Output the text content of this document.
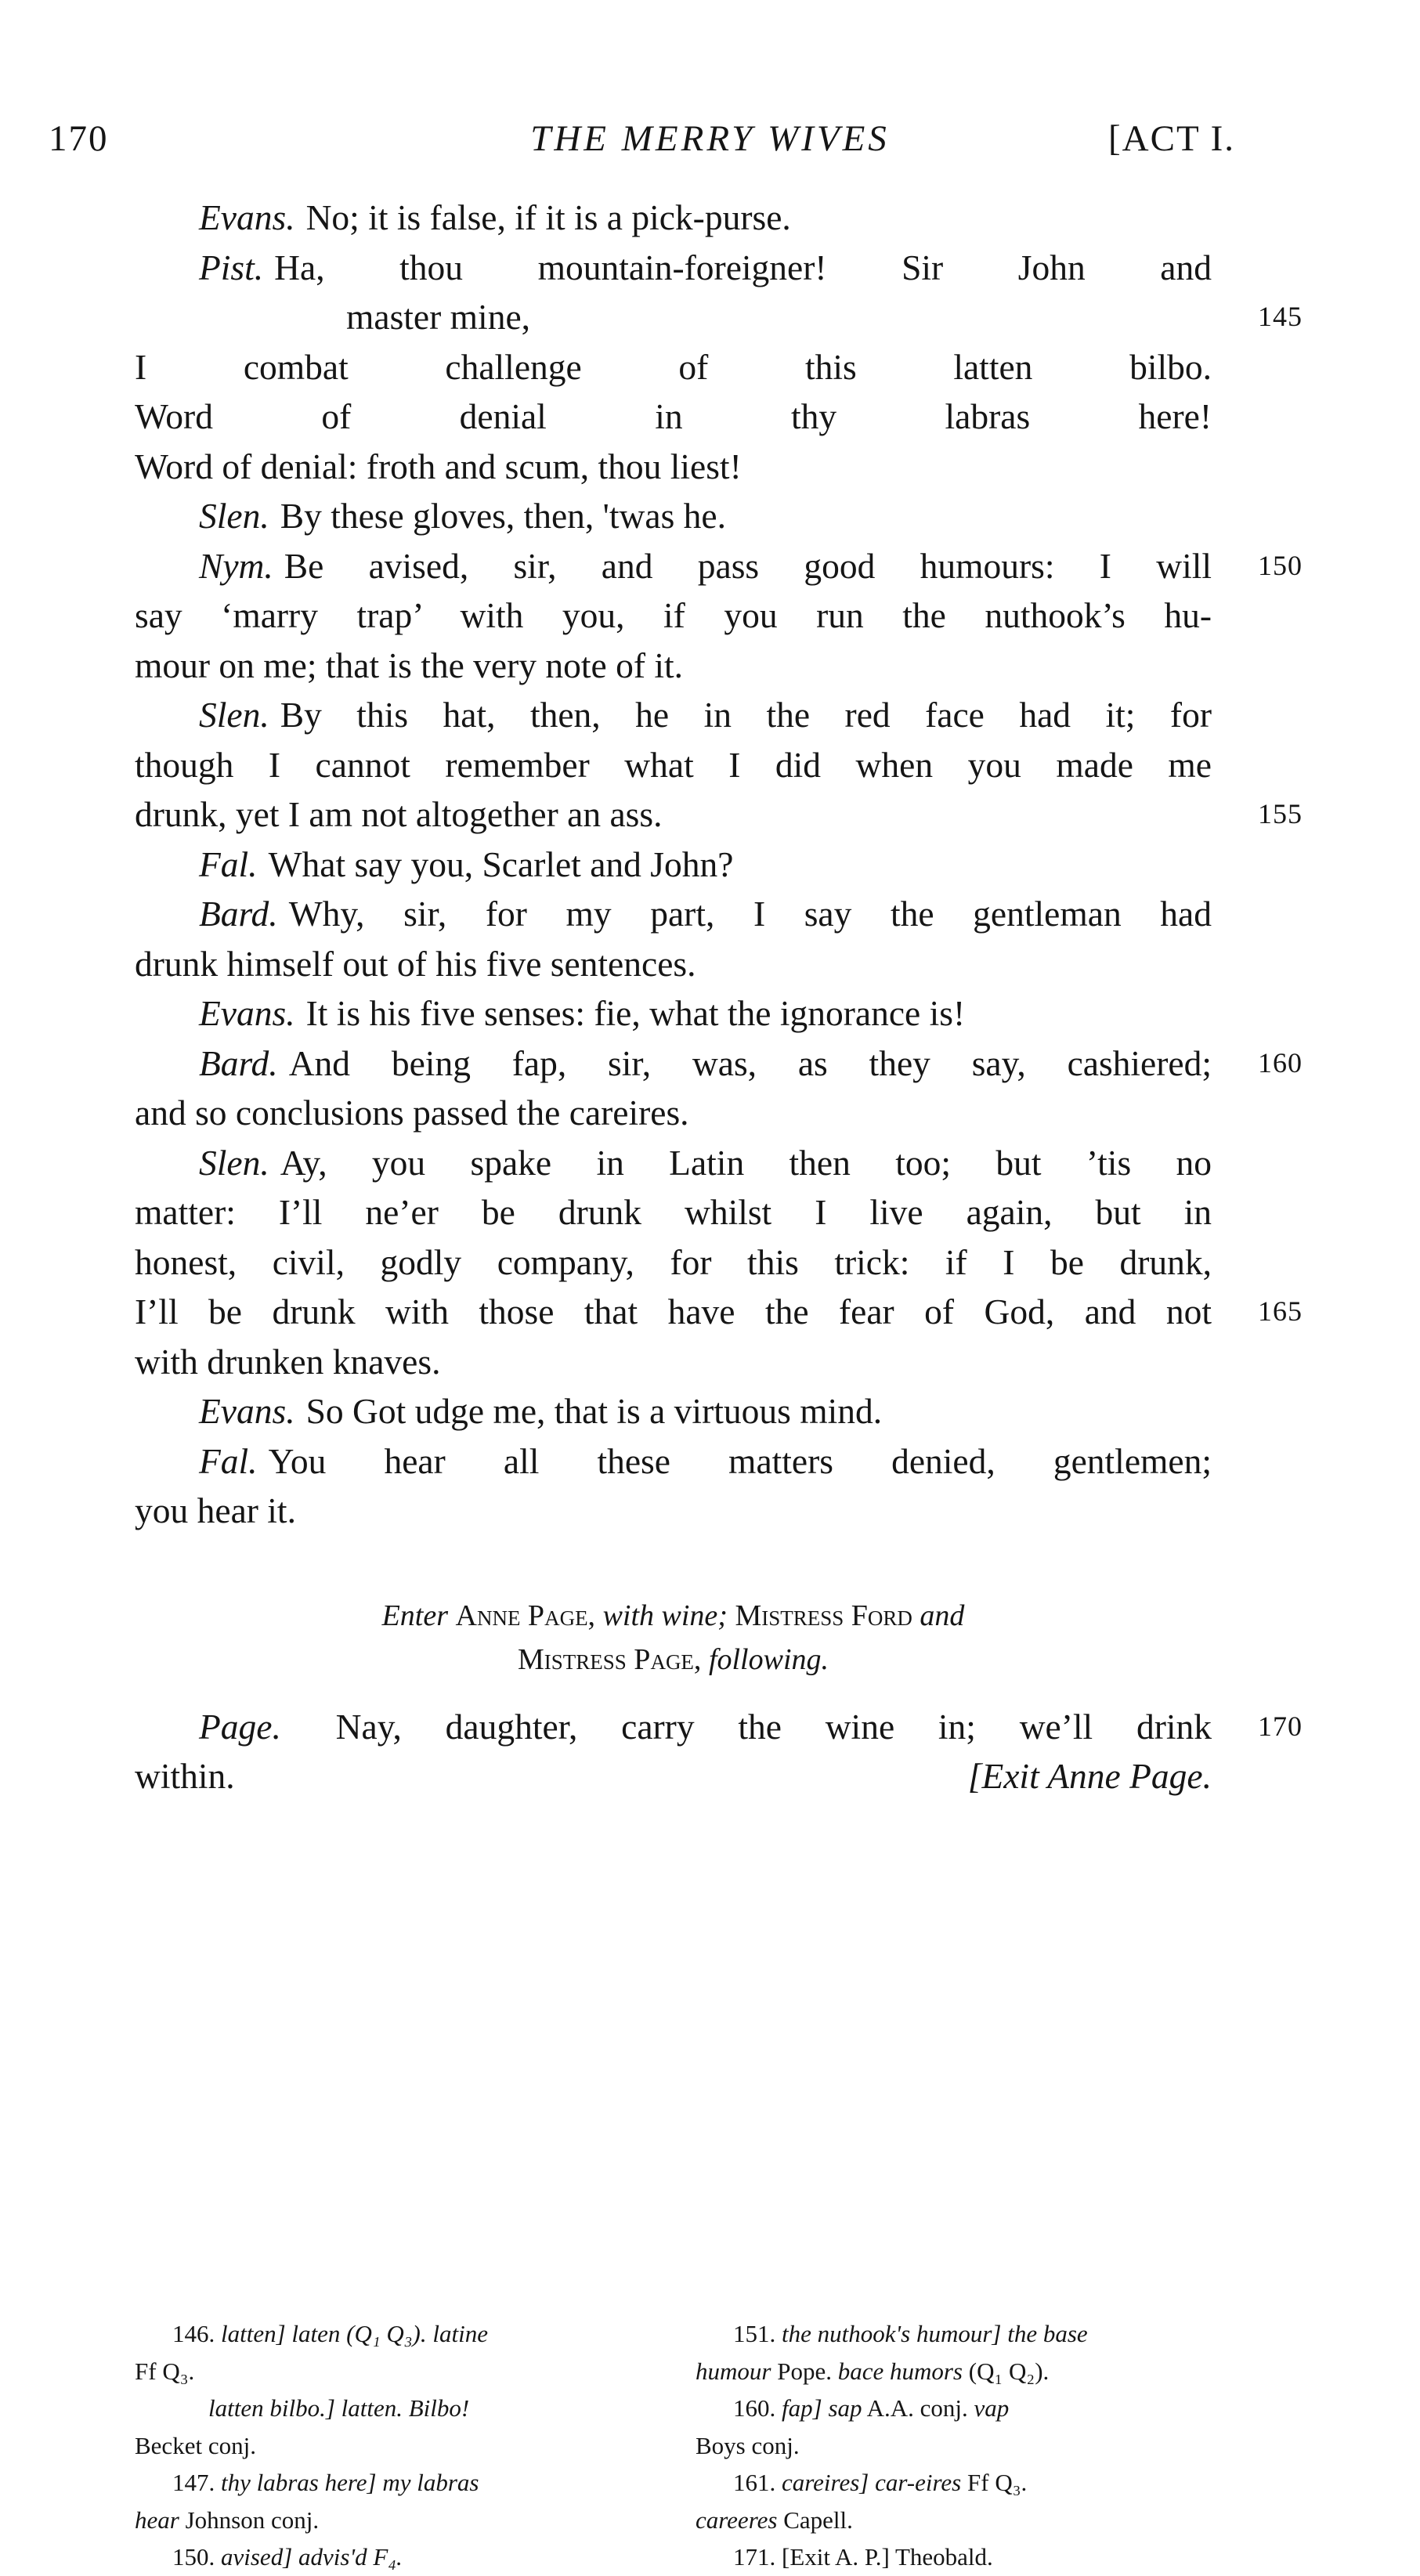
170	THE MERRY WIVES	[ACT I.
Evans. No; it is false, if it is a pick-purse.
Pist. Ha, thou mountain-foreigner! Sir John and
master mine,	145
I combat challenge of this latten bilbo.
Word of denial in thy labras here!
Word of denial: froth and scum, thou liest!
Slen. By these gloves, then, 'twas he.
Nym. Be avised, sir, and pass good humours: I will 150
say ‘marry trap’ with you, if you run the nuthook’s hu-
mour on me; that is the very note of it.
Slen. By this hat, then, he in the red face had it; for
though I cannot remember what I did when you made me
drunk, yet I am not altogether an ass.	155
Fal. What say you, Scarlet and John?
Bard. Why, sir, for my part, I say the gentleman had
drunk himself out of his five sentences.
Evans. It is his five senses: fie, what the ignorance is!
Bard. And being fap, sir, was, as they say, cashiered; 160
and so conclusions passed the careires.
Slen. Ay, you spake in Latin then too; but ’tis no
matter: I’ll ne’er be drunk whilst I live again, but in
honest, civil, godly company, for this trick: if I be drunk,
I’ll be drunk with those that have the fear of God, and not 165
with drunken knaves.
Evans. So Got udge me, that is a virtuous mind.
Fal. You hear all these matters denied, gentlemen;
you hear it.
Enter Anne Page, with wine; Mistress Ford and
Mistress Page, following.
Page. Nay, daughter, carry the wine in; we’ll drink 170
within.	[Exit Anne Page.
146. latten] laten (Q₁ Q₃). latine
Ff Q₃.
latten bilbo.] latten. Bilbo!
Becket conj.
147. thy labras here] my labras
hear Johnson conj.
150. avised] advis'd F₄.
151. the nuthook's humour] the base
humour Pope. bace humors (Q₁ Q₂).
160. fap] sap A.A. conj. vap
Boys conj.
161. careires] car-eires Ff Q₃.
careeres Capell.
171. [Exit A. P.] Theobald.
